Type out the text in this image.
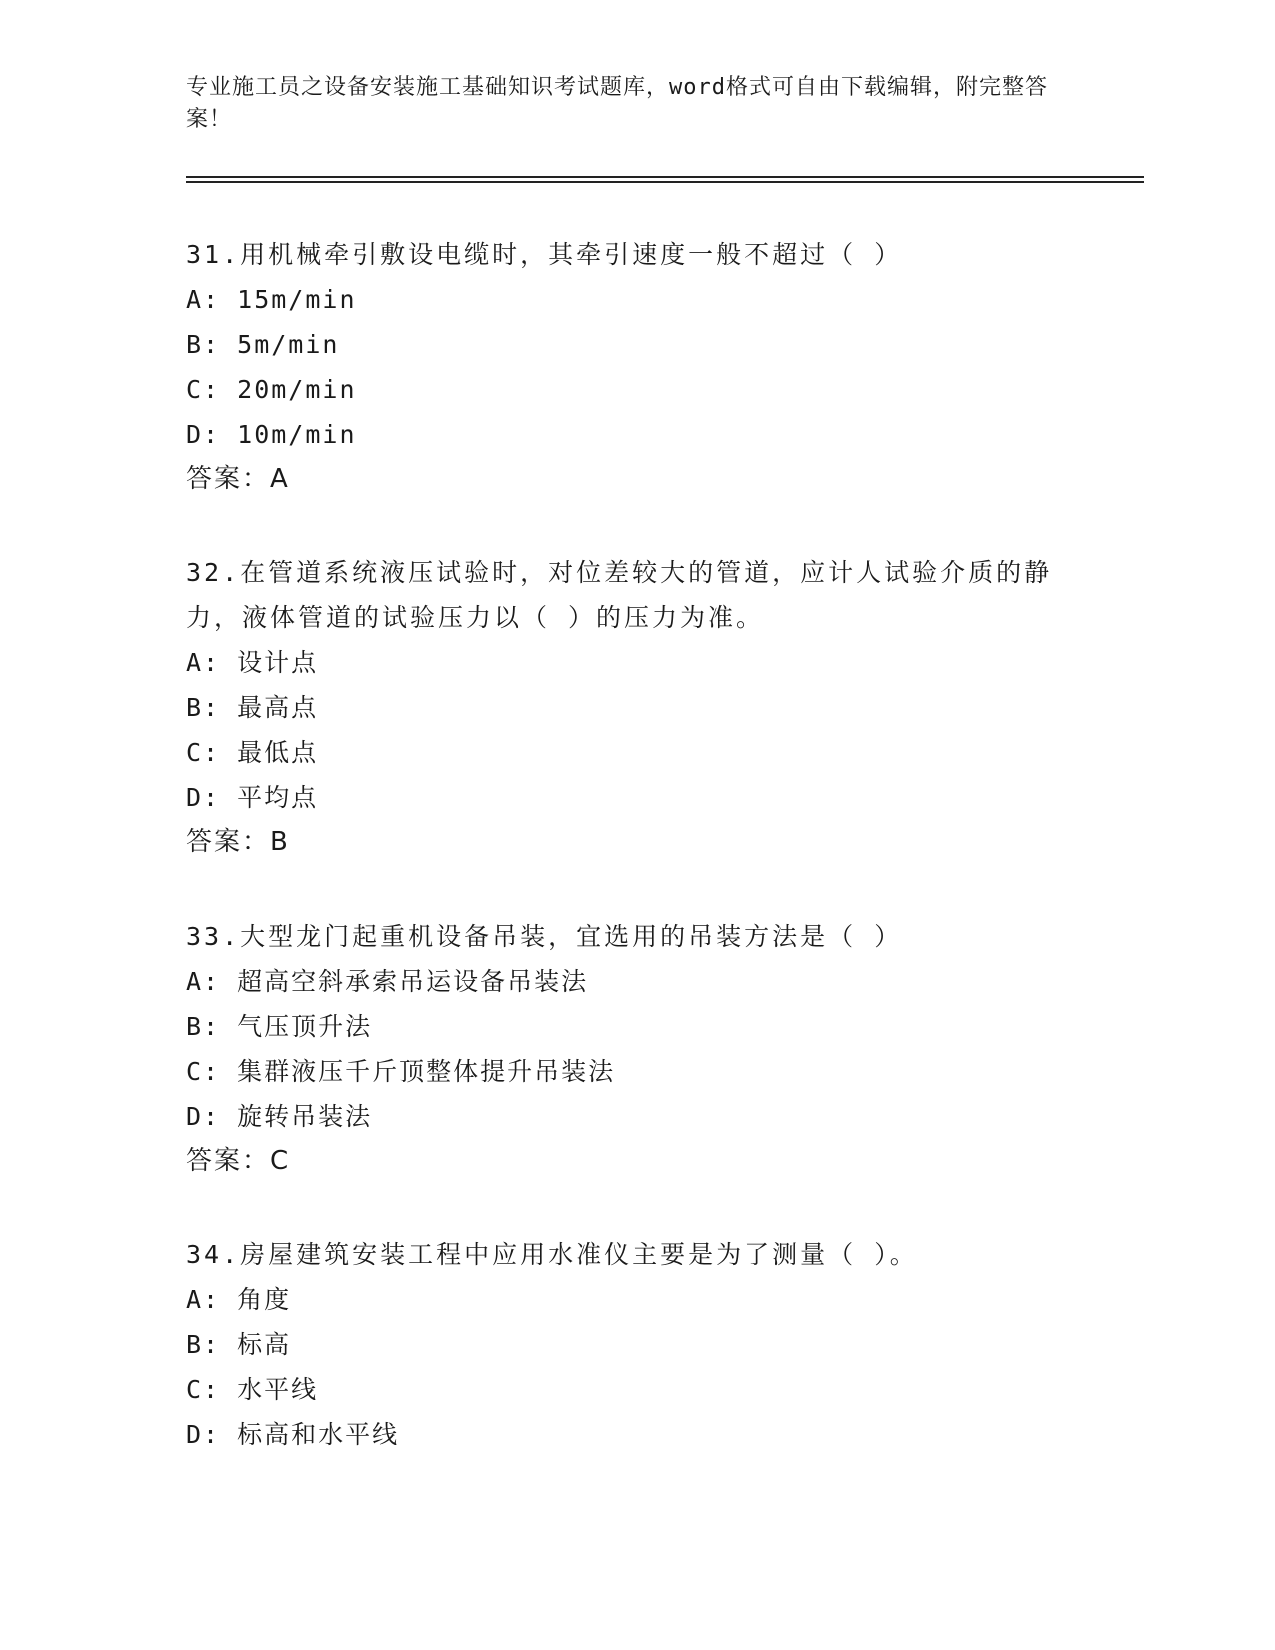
专业施工员之设备安装施工基础知识考试题库，word格式可自由下载编辑，附完整答案！
31.用机械牵引敷设电缆时，其牵引速度一般不超过（ ）
A: 15m/min
B: 5m/min
C: 20m/min
D: 10m/min
答案：A
32.在管道系统液压试验时，对位差较大的管道，应计人试验介质的静力，液体管道的试验压力以（ ）的压力为准。
A: 设计点
B: 最高点
C: 最低点
D: 平均点
答案：B
33.大型龙门起重机设备吊装，宜选用的吊装方法是（ ）
A: 超高空斜承索吊运设备吊装法
B: 气压顶升法
C: 集群液压千斤顶整体提升吊装法
D: 旋转吊装法
答案：C
34.房屋建筑安装工程中应用水准仪主要是为了测量（ ）。
A: 角度
B: 标高
C: 水平线
D: 标高和水平线
